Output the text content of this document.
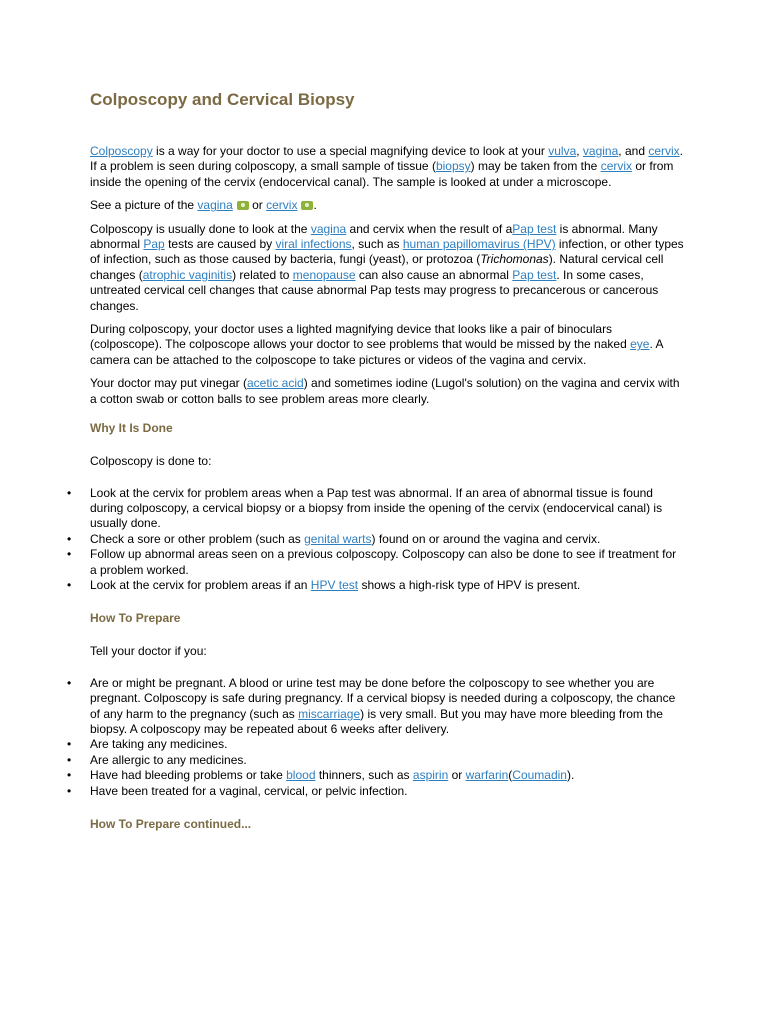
Colposcopy and Cervical Biopsy

Colposcopy is a way for your doctor to use a special magnifying device to look at your vulva, vagina, and cervix. If a problem is seen during colposcopy, a small sample of tissue (biopsy) may be taken from the cervix or from inside the opening of the cervix (endocervical canal). The sample is looked at under a microscope.

See a picture of the vagina or cervix .

Colposcopy is usually done to look at the vagina and cervix when the result of aPap test is abnormal. Many abnormal Pap tests are caused by viral infections, such as human papillomavirus (HPV) infection, or other types of infection, such as those caused by bacteria, fungi (yeast), or protozoa (Trichomonas). Natural cervical cell changes (atrophic vaginitis) related to menopause can also cause an abnormal Pap test. In some cases, untreated cervical cell changes that cause abnormal Pap tests may progress to precancerous or cancerous changes.

During colposcopy, your doctor uses a lighted magnifying device that looks like a pair of binoculars (colposcope). The colposcope allows your doctor to see problems that would be missed by the naked eye. A camera can be attached to the colposcope to take pictures or videos of the vagina and cervix.

Your doctor may put vinegar (acetic acid) and sometimes iodine (Lugol's solution) on the vagina and cervix with a cotton swab or cotton balls to see problem areas more clearly.

Why It Is Done

Colposcopy is done to:

• Look at the cervix for problem areas when a Pap test was abnormal. If an area of abnormal tissue is found during colposcopy, a cervical biopsy or a biopsy from inside the opening of the cervix (endocervical canal) is usually done.
• Check a sore or other problem (such as genital warts) found on or around the vagina and cervix.
• Follow up abnormal areas seen on a previous colposcopy. Colposcopy can also be done to see if treatment for a problem worked.
• Look at the cervix for problem areas if an HPV test shows a high-risk type of HPV is present.
How To Prepare

Tell your doctor if you:

• Are or might be pregnant. A blood or urine test may be done before the colposcopy to see whether you are pregnant. Colposcopy is safe during pregnancy. If a cervical biopsy is needed during a colposcopy, the chance of any harm to the pregnancy (such as miscarriage) is very small. But you may have more bleeding from the biopsy. A colposcopy may be repeated about 6 weeks after delivery.
• Are taking any medicines.
• Are allergic to any medicines.
• Have had bleeding problems or take blood thinners, such as aspirin or warfarin(Coumadin).
• Have been treated for a vaginal, cervical, or pelvic infection.
How To Prepare continued...
